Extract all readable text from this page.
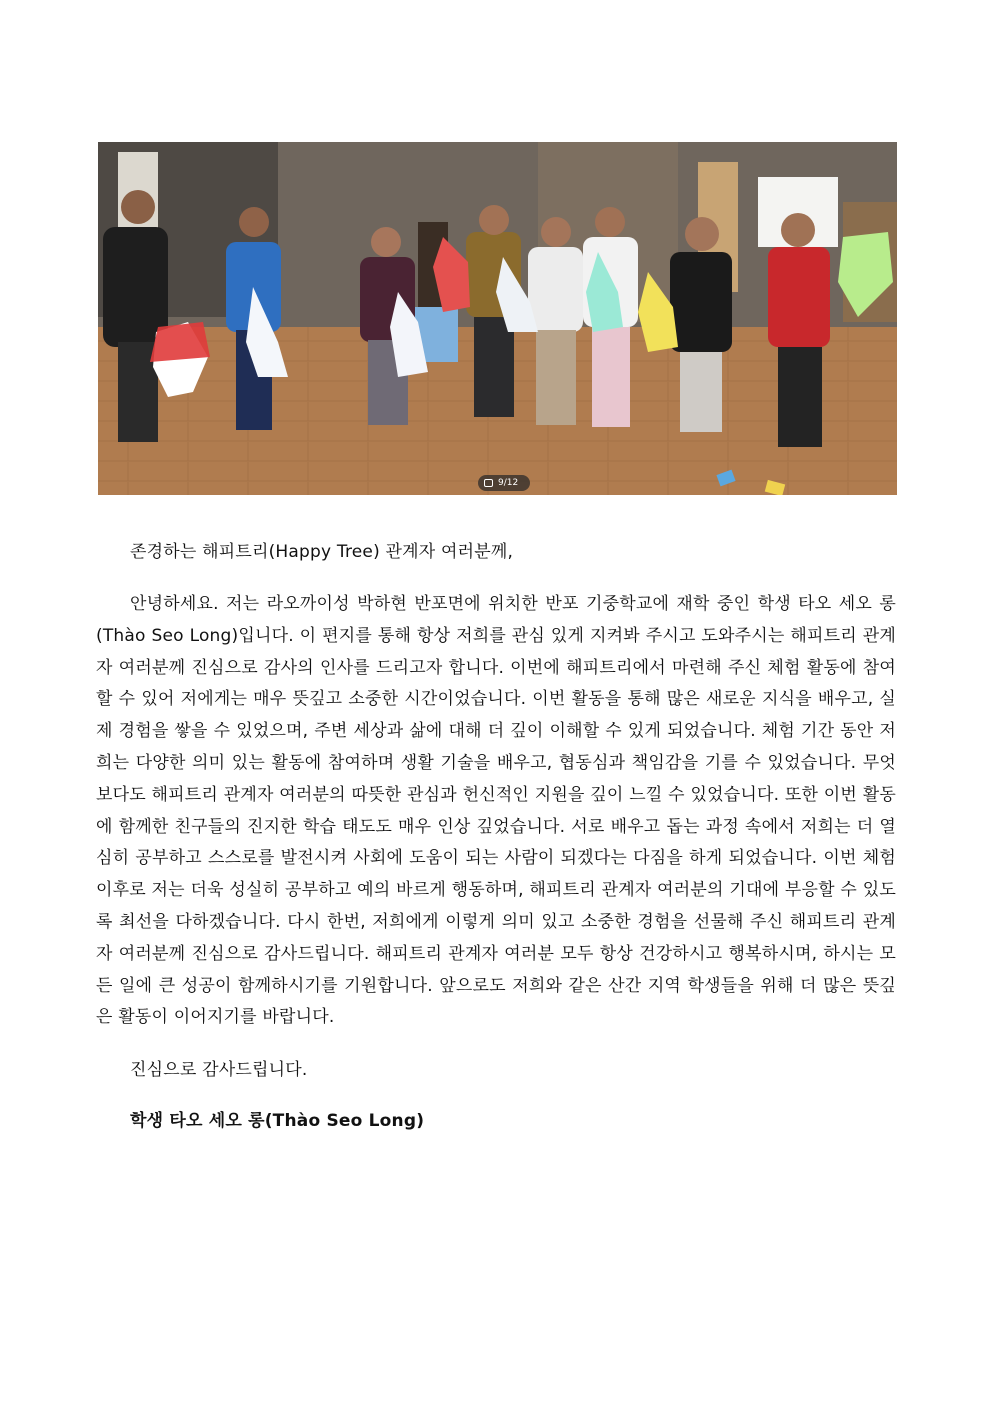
9/12

존경하는 해피트리(Happy Tree) 관계자 여러분께,

안녕하세요. 저는 라오까이성 박하현 반포면에 위치한 반포 기중학교에 재학 중인 학생 타오 세오 롱(Thào Seo Long)입니다. 이 편지를 통해 항상 저희를 관심 있게 지켜봐 주시고 도와주시는 해피트리 관계자 여러분께 진심으로 감사의 인사를 드리고자 합니다. 이번에 해피트리에서 마련해 주신 체험 활동에 참여할 수 있어 저에게는 매우 뜻깊고 소중한 시간이었습니다. 이번 활동을 통해 많은 새로운 지식을 배우고, 실제 경험을 쌓을 수 있었으며, 주변 세상과 삶에 대해 더 깊이 이해할 수 있게 되었습니다. 체험 기간 동안 저희는 다양한 의미 있는 활동에 참여하며 생활 기술을 배우고, 협동심과 책임감을 기를 수 있었습니다. 무엇보다도 해피트리 관계자 여러분의 따뜻한 관심과 헌신적인 지원을 깊이 느낄 수 있었습니다. 또한 이번 활동에 함께한 친구들의 진지한 학습 태도도 매우 인상 깊었습니다. 서로 배우고 돕는 과정 속에서 저희는 더 열심히 공부하고 스스로를 발전시켜 사회에 도움이 되는 사람이 되겠다는 다짐을 하게 되었습니다. 이번 체험 이후로 저는 더욱 성실히 공부하고 예의 바르게 행동하며, 해피트리 관계자 여러분의 기대에 부응할 수 있도록 최선을 다하겠습니다. 다시 한번, 저희에게 이렇게 의미 있고 소중한 경험을 선물해 주신 해피트리 관계자 여러분께 진심으로 감사드립니다. 해피트리 관계자 여러분 모두 항상 건강하시고 행복하시며, 하시는 모든 일에 큰 성공이 함께하시기를 기원합니다. 앞으로도 저희와 같은 산간 지역 학생들을 위해 더 많은 뜻깊은 활동이 이어지기를 바랍니다.

진심으로 감사드립니다.

학생 타오 세오 롱(Thào Seo Long)
